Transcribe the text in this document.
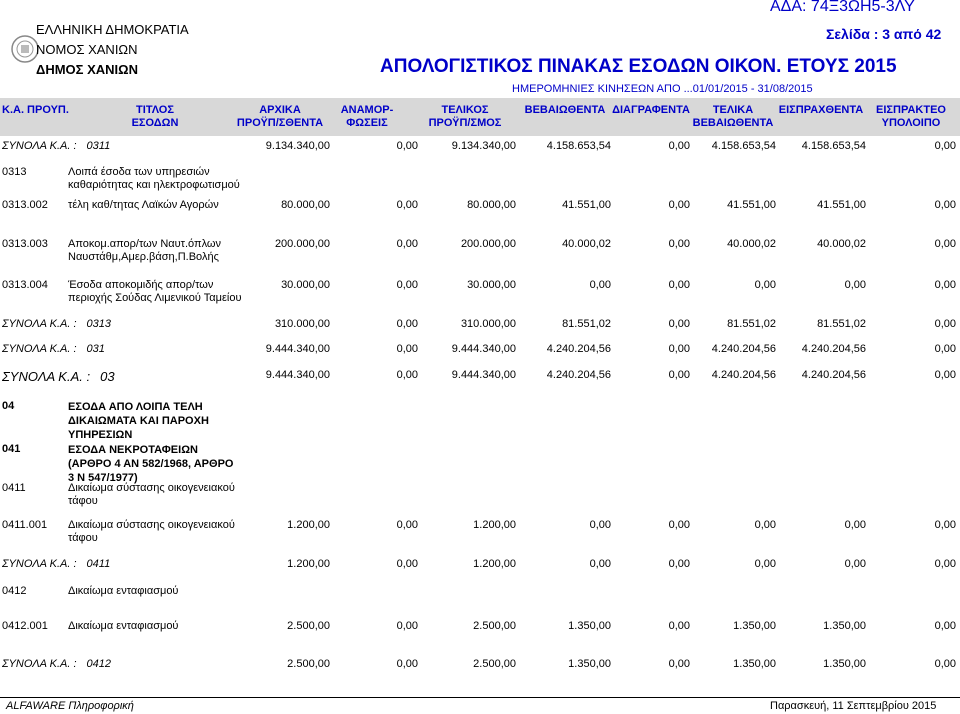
ΕΛΛΗΝΙΚΗ ΔΗΜΟΚΡΑΤΙΑ
ΝΟΜΟΣ ΧΑΝΙΩΝ
ΔΗΜΟΣ ΧΑΝΙΩΝ
ΑΔΑ: 74Ξ3ΩΗ5-3ΛΥ
Σελίδα : 3 από 42
ΑΠΟΛΟΓΙΣΤΙΚΟΣ ΠΙΝΑΚΑΣ ΕΣΟΔΩΝ ΟΙΚΟΝ. ΕΤΟΥΣ 2015
ΗΜΕΡΟΜΗΝΙΕΣ ΚΙΝΗΣΕΩΝ ΑΠΟ ...01/01/2015 - 31/08/2015
Κ.Α. ΠΡΟΥΠ.	ΤΙΤΛΟΣ
ΕΣΟΔΩΝ
ΑΡΧΙΚΑ
ΠΡΟΫΠ/ΣΘΕΝΤΑ
ΑΝΑΜΟΡ-
ΦΩΣΕΙΣ
ΤΕΛΙΚΟΣ
ΠΡΟΫΠ/ΣΜΟΣ
ΒΕΒΑΙΩΘΕΝΤΑ ΔΙΑΓΡΑΦΕΝΤΑ	ΤΕΛΙΚΑ
ΒΕΒΑΙΩΘΕΝΤΑ
ΕΙΣΠΡΑΧΘΕΝΤΑ	ΕΙΣΠΡΑΚΤΕΟ
ΥΠΟΛΟΙΠΟ
ΣΥΝΟΛΑ Κ.Α. : 0311	9.134.340,00	0,00	9.134.340,00	4.158.653,54	0,00 4.158.653,54 4.158.653,54	0,00
0313	Λοιπά έσοδα των υπηρεσιών καθαριότητας και ηλεκτροφωτισμού
0313.002 τέλη καθ/τητας Λαϊκών Αγορών	80.000,00	0,00	80.000,00	41.551,00	0,00	41.551,00	41.551,00	0,00
0313.003 Αποκομ.απορ/των Ναυτ.όπλων Ναυστάθμ,Αμερ.βάση,Π.Βολής
200.000,00	0,00	200.000,00	40.000,02	0,00	40.000,02	40.000,02	0,00
0313.004 Έσοδα αποκομιδής απορ/των περιοχής Σούδας Λιμενικού Ταμείου
30.000,00	0,00	30.000,00	0,00	0,00	0,00	0,00	0,00
ΣΥΝΟΛΑ Κ.Α. : 0313	310.000,00	0,00	310.000,00	81.551,02	0,00	81.551,02	81.551,02	0,00
ΣΥΝΟΛΑ Κ.Α. : 031	9.444.340,00	0,00	9.444.340,00	4.240.204,56	0,00 4.240.204,56 4.240.204,56	0,00
ΣΥΝΟΛΑ Κ.Α. : 03	9.444.340,00	0,00	9.444.340,00	4.240.204,56	0,00 4.240.204,56 4.240.204,56	0,00
04	ΕΣΟΔΑ ΑΠΟ ΛΟΙΠΑ ΤΕΛΗ ΔΙΚΑΙΩΜΑΤΑ ΚΑΙ ΠΑΡΟΧΗ ΥΠΗΡΕΣΙΩΝ
041	ΕΣΟΔΑ ΝΕΚΡΟΤΑΦΕΙΩΝ (ΑΡΘΡΟ 4 ΑΝ 582/1968, ΑΡΘΡΟ 3 Ν 547/1977)
0411	Δικαίωμα σύστασης οικογενειακού τάφου
0411.001 Δικαίωμα σύστασης οικογενειακού τάφου
1.200,00	0,00	1.200,00	0,00	0,00	0,00	0,00	0,00
ΣΥΝΟΛΑ Κ.Α. : 0411	1.200,00	0,00	1.200,00	0,00	0,00	0,00	0,00	0,00
0412	Δικαίωμα ενταφιασμού
0412.001 Δικαίωμα ενταφιασμού	2.500,00	0,00	2.500,00	1.350,00	0,00	1.350,00	1.350,00	0,00
ΣΥΝΟΛΑ Κ.Α. : 0412	2.500,00	0,00	2.500,00	1.350,00	0,00	1.350,00	1.350,00	0,00
ALFAWARE Πληροφορική	Παρασκευή, 11 Σεπτεμβρίου 2015
